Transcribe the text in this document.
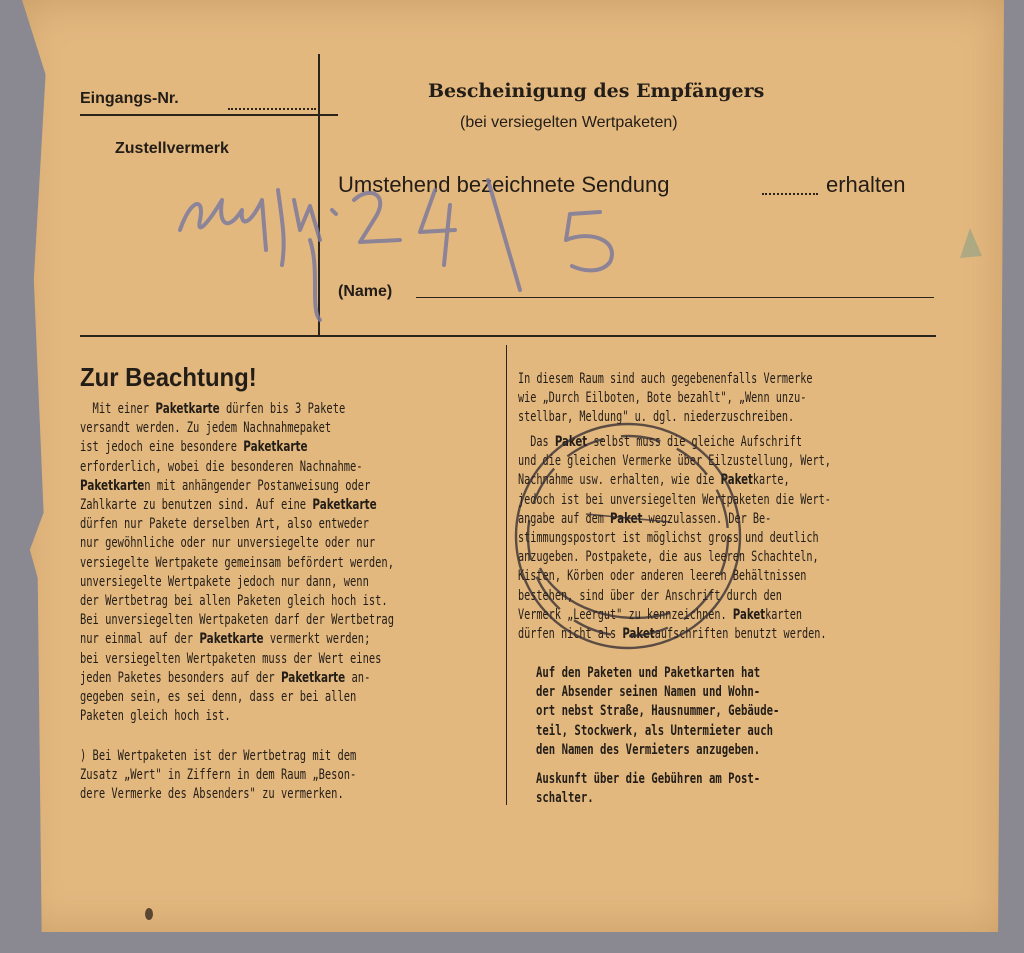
Eingangs-Nr.
Zustellvermerk
Bescheinigung des Empfängers
(bei versiegelten Wertpaketen)
Umstehend bezeichnete Sendung	erhalten
(Name)
Zur Beachtung!
Mit einer Paketkarte dürfen bis 3 Pakete
versandt werden. Zu jedem Nachnahmepaket
ist jedoch eine besondere Paketkarte
erforderlich, wobei die besonderen Nachnahme-
Paketkarten mit anhängender Postanweisung oder
Zahlkarte zu benutzen sind. Auf eine Paketkarte
dürfen nur Pakete derselben Art, also entweder
nur gewöhnliche oder nur unversiegelte oder nur
versiegelte Wertpakete gemeinsam befördert werden,
unversiegelte Wertpakete jedoch nur dann, wenn
der Wertbetrag bei allen Paketen gleich hoch ist.
Bei unversiegelten Wertpaketen darf der Wertbetrag
nur einmal auf der Paketkarte vermerkt werden;
bei versiegelten Wertpaketen muss der Wert eines
jeden Paketes besonders auf der Paketkarte an-
gegeben sein, es sei denn, dass er bei allen
Paketen gleich hoch ist.
) Bei Wertpaketen ist der Wertbetrag mit dem
Zusatz „Wert" in Ziffern in dem Raum „Beson-
dere Vermerke des Absenders" zu vermerken.
In diesem Raum sind auch gegebenenfalls Vermerke
wie „Durch Eilboten, Bote bezahlt", „Wenn unzu-
stellbar, Meldung" u. dgl. niederzuschreiben.
Das Paket selbst muss die gleiche Aufschrift
und die gleichen Vermerke über Eilzustellung, Wert,
Nachnahme usw. erhalten, wie die Paketkarte,
jedoch ist bei unversiegelten Wertpaketen die Wert-
angabe auf dem Paket wegzulassen. Der Be-
stimmungspostort ist möglichst gross und deutlich
anzugeben. Postpakete, die aus leeren Schachteln,
Kisten, Körben oder anderen leeren Behältnissen
bestehen, sind über der Anschrift durch den
Vermerk „Leergut" zu kennzeichnen. Paketkarten
dürfen nicht als Paketaufschriften benutzt werden.
Auf den Paketen und Paketkarten hat
der Absender seinen Namen und Wohn-
ort nebst Straße, Hausnummer, Gebäude-
teil, Stockwerk, als Untermieter auch
den Namen des Vermieters anzugeben.
Auskunft über die Gebühren am Post-
schalter.
